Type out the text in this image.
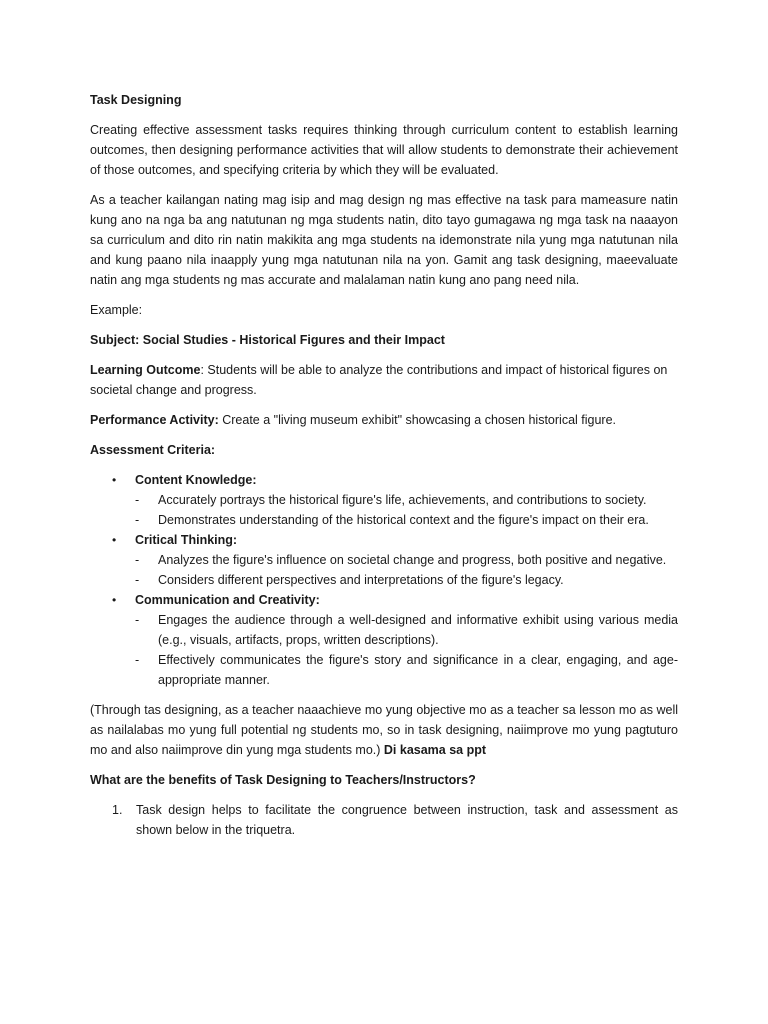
Task Designing

Creating effective assessment tasks requires thinking through curriculum content to establish learning outcomes, then designing performance activities that will allow students to demonstrate their achievement of those outcomes, and specifying criteria by which they will be evaluated.

As a teacher kailangan nating mag isip and mag design ng mas effective na task para mameasure natin kung ano na nga ba ang natutunan ng mga students natin, dito tayo gumagawa ng mga task na naaayon sa curriculum and dito rin natin makikita ang mga students na idemonstrate nila yung mga natutunan nila and kung paano nila inaapply yung mga natutunan nila na yon. Gamit ang task designing, maeevaluate natin ang mga students ng mas accurate and malalaman natin kung ano pang need nila.

Example:

Subject: Social Studies - Historical Figures and their Impact

Learning Outcome: Students will be able to analyze the contributions and impact of historical figures on societal change and progress.

Performance Activity: Create a "living museum exhibit" showcasing a chosen historical figure.

Assessment Criteria:

• Content Knowledge:
- Accurately portrays the historical figure's life, achievements, and contributions to society.
- Demonstrates understanding of the historical context and the figure's impact on their era.
• Critical Thinking:
- Analyzes the figure's influence on societal change and progress, both positive and negative.
- Considers different perspectives and interpretations of the figure's legacy.
• Communication and Creativity:
- Engages the audience through a well-designed and informative exhibit using various media (e.g., visuals, artifacts, props, written descriptions).
- Effectively communicates the figure's story and significance in a clear, engaging, and age-appropriate manner.

(Through tas designing, as a teacher naaachieve mo yung objective mo as a teacher sa lesson mo as well as nailalabas mo yung full potential ng students mo, so in task designing, naiimprove mo yung pagtuturo mo and also naiimprove din yung mga students mo.) Di kasama sa ppt

What are the benefits of Task Designing to Teachers/Instructors?

1. Task design helps to facilitate the congruence between instruction, task and assessment as shown below in the triquetra.
